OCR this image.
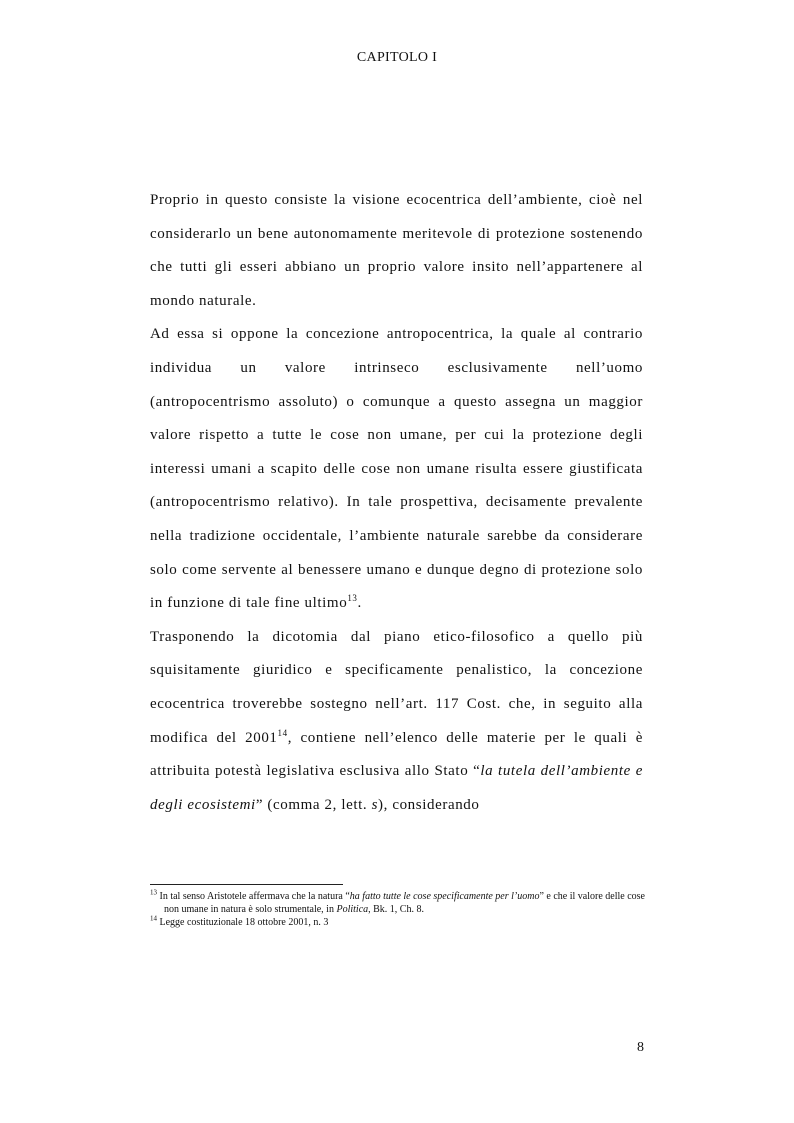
CAPITOLO I

Proprio in questo consiste la visione ecocentrica dell’ambiente, cioè nel considerarlo un bene autonomamente meritevole di protezione sostenendo che tutti gli esseri abbiano un proprio valore insito nell’appartenere al mondo naturale.

Ad essa si oppone la concezione antropocentrica, la quale al contrario individua un valore intrinseco esclusivamente nell’uomo (antropocentrismo assoluto) o comunque a questo assegna un maggior valore rispetto a tutte le cose non umane, per cui la protezione degli interessi umani a scapito delle cose non umane risulta essere giustificata (antropocentrismo relativo). In tale prospettiva, decisamente prevalente nella tradizione occidentale, l’ambiente naturale sarebbe da considerare solo come servente al benessere umano e dunque degno di protezione solo in funzione di tale fine ultimo$^{13}$.

Trasponendo la dicotomia dal piano etico-filosofico a quello più squisitamente giuridico e specificamente penalistico, la concezione ecocentrica troverebbe sostegno nell’art. 117 Cost. che, in seguito alla modifica del 2001$^{14}$, contiene nell’elenco delle materie per le quali è attribuita potestà legislativa esclusiva allo Stato “la tutela dell’ambiente e degli ecosistemi” (comma 2, lett. s), considerando

$^{13}$ In tal senso Aristotele affermava che la natura “ha fatto tutte le cose specificamente per l’uomo” e che il valore delle cose non umane in natura è solo strumentale, in Politica, Bk. 1, Ch. 8.

$^{14}$ Legge costituzionale 18 ottobre 2001, n. 3

8
